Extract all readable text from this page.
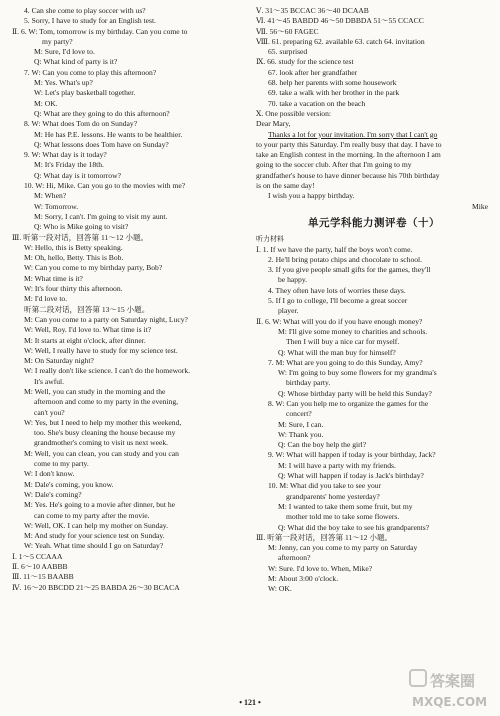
4. Can she come to play soccer with us?
5. Sorry, I have to study for an English test.
Ⅱ. 6. W: Tom, tomorrow is my birthday. Can you come to
my party?
M: Sure, I'd love to.
Q: What kind of party is it?
7. W: Can you come to play this afternoon?
M: Yes. What's up?
W: Let's play basketball together.
M: OK.
Q: What are they going to do this afternoon?
8. W: What does Tom do on Sunday?
M: He has P.E. lessons. He wants to be healthier.
Q: What lessons does Tom have on Sunday?
9. W: What day is it today?
M: It's Friday the 18th.
Q: What day is it tomorrow?
10. W: Hi, Mike. Can you go to the movies with me?
M: When?
W: Tomorrow.
M: Sorry, I can't. I'm going to visit my aunt.
Q: Who is Mike going to visit?
Ⅲ. 听第一段对话，回答第 11～12 小题。
W: Hello, this is Betty speaking.
M: Oh, hello, Betty. This is Bob.
W: Can you come to my birthday party, Bob?
M: What time is it?
W: It's four thirty this afternoon.
M: I'd love to.
听第二段对话，回答第 13～15 小题。
M: Can you come to a party on Saturday night, Lucy?
W: Well, Roy. I'd love to. What time is it?
M: It starts at eight o'clock, after dinner.
W: Well, I really have to study for my science test.
M: On Saturday night?
W: I really don't like science. I can't do the homework.
It's awful.
M: Well, you can study in the morning and the
afternoon and come to my party in the evening,
can't you?
W: Yes, but I need to help my mother this weekend,
too. She's busy cleaning the house because my
grandmother's coming to visit us next week.
M: Well, you can clean, you can study and you can
come to my party.
W: I don't know.
M: Dale's coming, you know.
W: Dale's coming?
M: Yes. He's going to a movie after dinner, but he
can come to my party after the movie.
W: Well, OK. I can help my mother on Sunday.
M: And study for your science test on Sunday.
W: Yeah. What time should I go on Saturday?
Ⅰ. 1～5 CCAAA
Ⅱ. 6～10 AABBB
Ⅲ. 11～15 BAABB
Ⅳ. 16～20 BBCDD 21～25 BABDA 26～30 BCACA
Ⅴ. 31～35 BCCAC 36～40 DCAAB
Ⅵ. 41～45 BABDD 46～50 DBBDA 51～55 CCACC
Ⅶ. 56～60 FAGEC
Ⅷ. 61. preparing 62. available 63. catch 64. invitation
65. surprised
Ⅸ. 66. study for the science test
67. look after her grandfather
68. help her parents with some housework
69. take a walk with her brother in the park
70. take a vacation on the beach
Ⅹ. One possible version:
Dear Mary,
Thanks a lot for your invitation. I'm sorry that I can't go
to your party this Saturday. I'm really busy that day. I have to
take an English contest in the morning. In the afternoon I am
going to the soccer club. After that I'm going to my
grandfather's house to have dinner because his 70th birthday
is on the same day!
I wish you a happy birthday.
Mike
单元学科能力测评卷（十）
听力材料
Ⅰ. 1. If we have the party, half the boys won't come.
2. He'll bring potato chips and chocolate to school.
3. If you give people small gifts for the games, they'll
be happy.
4. They often have lots of worries these days.
5. If I go to college, I'll become a great soccer
player.
Ⅱ. 6. W: What will you do if you have enough money?
M: I'll give some money to charities and schools.
Then I will buy a nice car for myself.
Q: What will the man buy for himself?
7. M: What are you going to do this Sunday, Amy?
W: I'm going to buy some flowers for my grandma's
birthday party.
Q: Whose birthday party will be held this Sunday?
8. W: Can you help me to organize the games for the
concert?
M: Sure, I can.
W: Thank you.
Q: Can the boy help the girl?
9. W: What will happen if today is your birthday, Jack?
M: I will have a party with my friends.
Q: What will happen if today is Jack's birthday?
10. M: What did you take to see your
grandparents' home yesterday?
M: I wanted to take them some fruit, but my
mother told me to take some flowers.
Q: What did the boy take to see his grandparents?
Ⅲ. 听第一段对话，回答第 11～12 小题。
M: Jenny, can you come to my party on Saturday
afternoon?
W: Sure. I'd love to. When, Mike?
M: About 3:00 o'clock.
W: OK.
• 121 •
答案圈
MXQE.COM
